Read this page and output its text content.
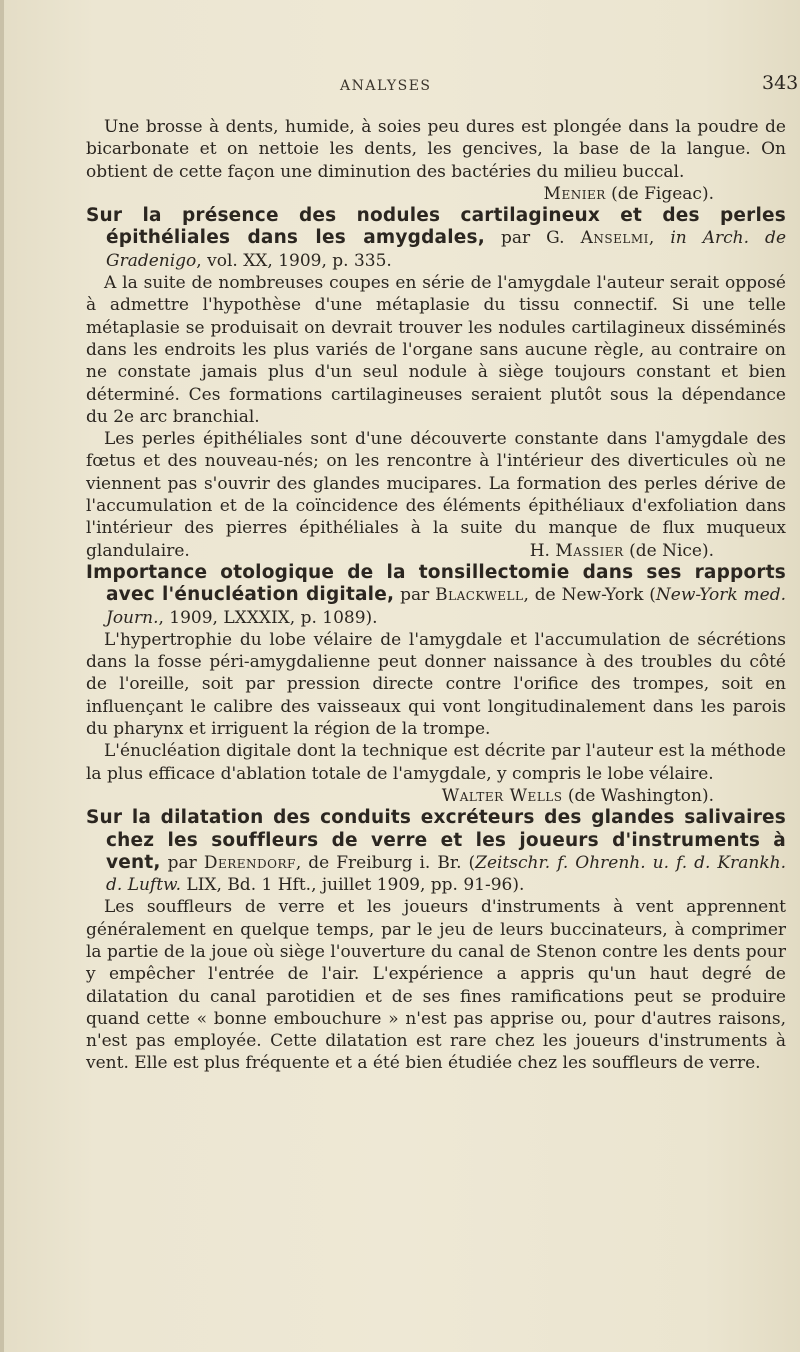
ANALYSES	343

Une brosse à dents, humide, à soies peu dures est plongée dans la poudre de bicarbonate et on nettoie les dents, les gencives, la base de la langue. On obtient de cette façon une diminution des bactéries du milieu buccal.
Menier (de Figeac).

Sur la présence des nodules cartilagineux et des perles épithéliales dans les amygdales, par G. Anselmi, in Arch. de Gradenigo, vol. XX, 1909, p. 335.

A la suite de nombreuses coupes en série de l'amygdale l'auteur serait opposé à admettre l'hypothèse d'une métaplasie du tissu connectif. Si une telle métaplasie se produisait on devrait trouver les nodules cartilagineux disséminés dans les endroits les plus variés de l'organe sans aucune règle, au contraire on ne constate jamais plus d'un seul nodule à siège toujours constant et bien déterminé. Ces formations cartilagineuses seraient plutôt sous la dépendance du 2e arc branchial.

Les perles épithéliales sont d'une découverte constante dans l'amygdale des fœtus et des nouveau-nés; on les rencontre à l'intérieur des diverticules où ne viennent pas s'ouvrir des glandes mucipares. La formation des perles dérive de l'accumulation et de la coïncidence des éléments épithéliaux d'exfoliation dans l'intérieur des pierres épithéliales à la suite du manque de flux muqueux glandulaire.	H. Massier (de Nice).

Importance otologique de la tonsillectomie dans ses rapports avec l'énucléation digitale, par Blackwell, de New-York (New-York med. Journ., 1909, LXXXIX, p. 1089).

L'hypertrophie du lobe vélaire de l'amygdale et l'accumulation de sécrétions dans la fosse péri-amygdalienne peut donner naissance à des troubles du côté de l'oreille, soit par pression directe contre l'orifice des trompes, soit en influençant le calibre des vaisseaux qui vont longitudinalement dans les parois du pharynx et irriguent la région de la trompe.

L'énucléation digitale dont la technique est décrite par l'auteur est la méthode la plus efficace d'ablation totale de l'amygdale, y compris le lobe vélaire.
Walter Wells (de Washington).

Sur la dilatation des conduits excréteurs des glandes salivaires chez les souffleurs de verre et les joueurs d'instruments à vent, par Derendorf, de Freiburg i. Br. (Zeitschr. f. Ohrenh. u. f. d. Krankh. d. Luftw. LIX, Bd. 1 Hft., juillet 1909, pp. 91-96).

Les souffleurs de verre et les joueurs d'instruments à vent apprennent généralement en quelque temps, par le jeu de leurs buccinateurs, à comprimer la partie de la joue où siège l'ouverture du canal de Stenon contre les dents pour y empêcher l'entrée de l'air. L'expérience a appris qu'un haut degré de dilatation du canal parotidien et de ses fines ramifications peut se produire quand cette « bonne embouchure » n'est pas apprise ou, pour d'autres raisons, n'est pas employée. Cette dilatation est rare chez les joueurs d'instruments à vent. Elle est plus fréquente et a été bien étudiée chez les souffleurs de verre.
